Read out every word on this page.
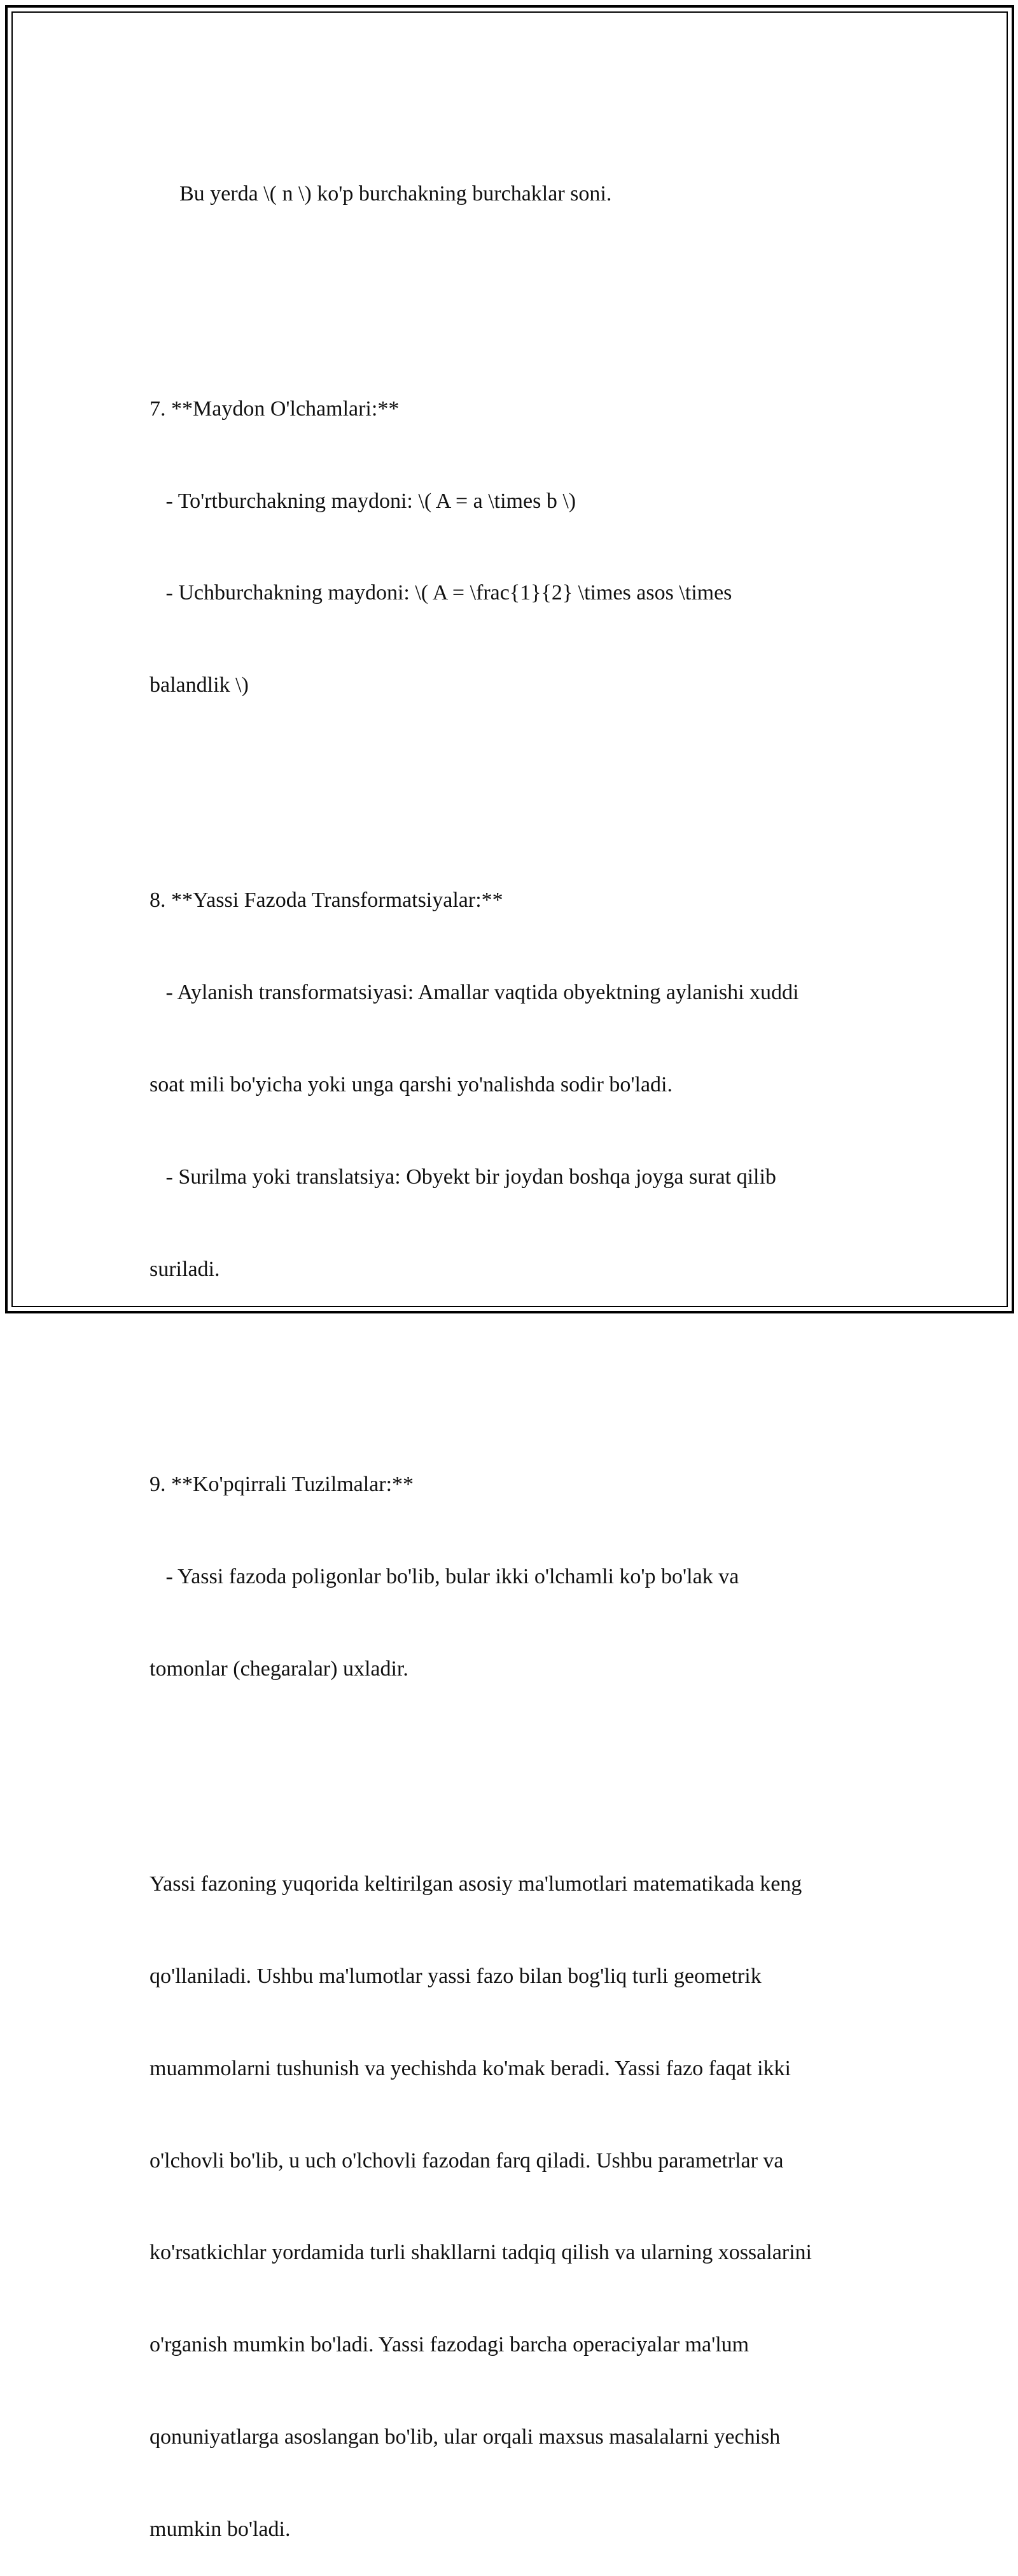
Bu yerda \( n \) ko'p burchakning burchaklar soni.

7. **Maydon O'lchamlari:**

- To'rtburchakning maydoni: \( A = a \times b \)

- Uchburchakning maydoni: \( A = \frac{1}{2} \times asos \times

balandlik \)

8. **Yassi Fazoda Transformatsiyalar:**

- Aylanish transformatsiyasi: Amallar vaqtida obyektning aylanishi xuddi

soat mili bo'yicha yoki unga qarshi yo'nalishda sodir bo'ladi.

- Surilma yoki translatsiya: Obyekt bir joydan boshqa joyga surat qilib

suriladi.

9. **Ko'pqirrali Tuzilmalar:**

- Yassi fazoda poligonlar bo'lib, bular ikki o'lchamli ko'p bo'lak va

tomonlar (chegaralar) uxladir.

Yassi fazoning yuqorida keltirilgan asosiy ma'lumotlari matematikada keng

qo'llaniladi. Ushbu ma'lumotlar yassi fazo bilan bog'liq turli geometrik

muammolarni tushunish va yechishda ko'mak beradi. Yassi fazo faqat ikki

o'lchovli bo'lib, u uch o'lchovli fazodan farq qiladi. Ushbu parametrlar va

ko'rsatkichlar yordamida turli shakllarni tadqiq qilish va ularning xossalarini

o'rganish mumkin bo'ladi. Yassi fazodagi barcha operaciyalar ma'lum

qonuniyatlarga asoslangan bo'lib, ular orqali maxsus masalalarni yechish

mumkin bo'ladi.
